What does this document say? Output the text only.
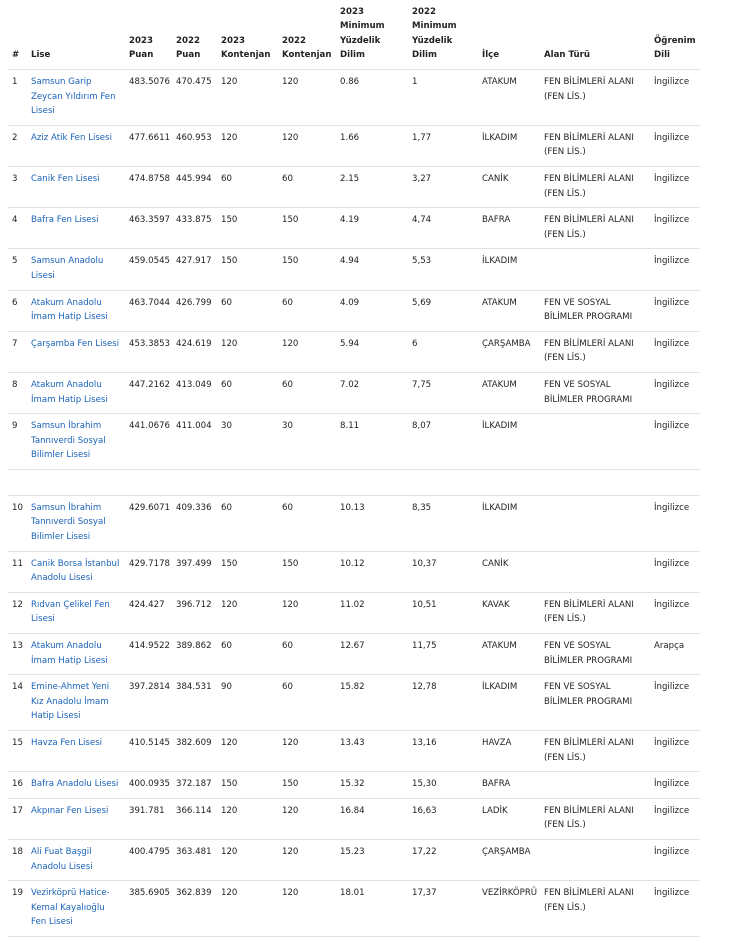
#	Lise	2023 Puan	2022 Puan	2023 Kontenjan	2022 Kontenjan	2023 Minimum Yüzdelik Dilim	2022 Minimum Yüzdelik Dilim	İlçe	Alan Türü	Öğrenim Dili
1	Samsun Garip Zeycan Yıldırım Fen Lisesi	483.5076	470.475	120	120	0.86	1	ATAKUM	FEN BİLİMLERİ ALANI (FEN LİS.)	İngilizce
2	Aziz Atik Fen Lisesi	477.6611	460.953	120	120	1.66	1,77	İLKADIM	FEN BİLİMLERİ ALANI (FEN LİS.)	İngilizce
3	Canik Fen Lisesi	474.8758	445.994	60	60	2.15	3,27	CANİK	FEN BİLİMLERİ ALANI (FEN LİS.)	İngilizce
4	Bafra Fen Lisesi	463.3597	433.875	150	150	4.19	4,74	BAFRA	FEN BİLİMLERİ ALANI (FEN LİS.)	İngilizce
5	Samsun Anadolu Lisesi	459.0545	427.917	150	150	4.94	5,53	İLKADIM		İngilizce
6	Atakum Anadolu İmam Hatip Lisesi	463.7044	426.799	60	60	4.09	5,69	ATAKUM	FEN VE SOSYAL BİLİMLER PROGRAMI	İngilizce
7	Çarşamba Fen Lisesi	453.3853	424.619	120	120	5.94	6	ÇARŞAMBA	FEN BİLİMLERİ ALANI (FEN LİS.)	İngilizce
8	Atakum Anadolu İmam Hatip Lisesi	447.2162	413.049	60	60	7.02	7,75	ATAKUM	FEN VE SOSYAL BİLİMLER PROGRAMI	İngilizce
9	Samsun İbrahim Tannıverdi Sosyal Bilimler Lisesi	441.0676	411.004	30	30	8.11	8,07	İLKADIM		İngilizce

10	Samsun İbrahim Tannıverdi Sosyal Bilimler Lisesi	429.6071	409.336	60	60	10.13	8,35	İLKADIM		İngilizce
11	Canik Borsa İstanbul Anadolu Lisesi	429.7178	397.499	150	150	10.12	10,37	CANİK		İngilizce
12	Rıdvan Çelikel Fen Lisesi	424.427	396.712	120	120	11.02	10,51	KAVAK	FEN BİLİMLERİ ALANI (FEN LİS.)	İngilizce
13	Atakum Anadolu İmam Hatip Lisesi	414.9522	389.862	60	60	12.67	11,75	ATAKUM	FEN VE SOSYAL BİLİMLER PROGRAMI	Arapça
14	Emine-Ahmet Yeni Kız Anadolu İmam Hatip Lisesi	397.2814	384.531	90	60	15.82	12,78	İLKADIM	FEN VE SOSYAL BİLİMLER PROGRAMI	İngilizce
15	Havza Fen Lisesi	410.5145	382.609	120	120	13.43	13,16	HAVZA	FEN BİLİMLERİ ALANI (FEN LİS.)	İngilizce
16	Bafra Anadolu Lisesi	400.0935	372.187	150	150	15.32	15,30	BAFRA		İngilizce
17	Akpınar Fen Lisesi	391.781	366.114	120	120	16.84	16,63	LADİK	FEN BİLİMLERİ ALANI (FEN LİS.)	İngilizce
18	Ali Fuat Başgil Anadolu Lisesi	400.4795	363.481	120	120	15.23	17,22	ÇARŞAMBA		İngilizce
19	Vezirköprü Hatice-Kemal Kayalıoğlu Fen Lisesi	385.6905	362.839	120	120	18.01	17,37	VEZİRKÖPRÜ	FEN BİLİMLERİ ALANI (FEN LİS.)	İngilizce
